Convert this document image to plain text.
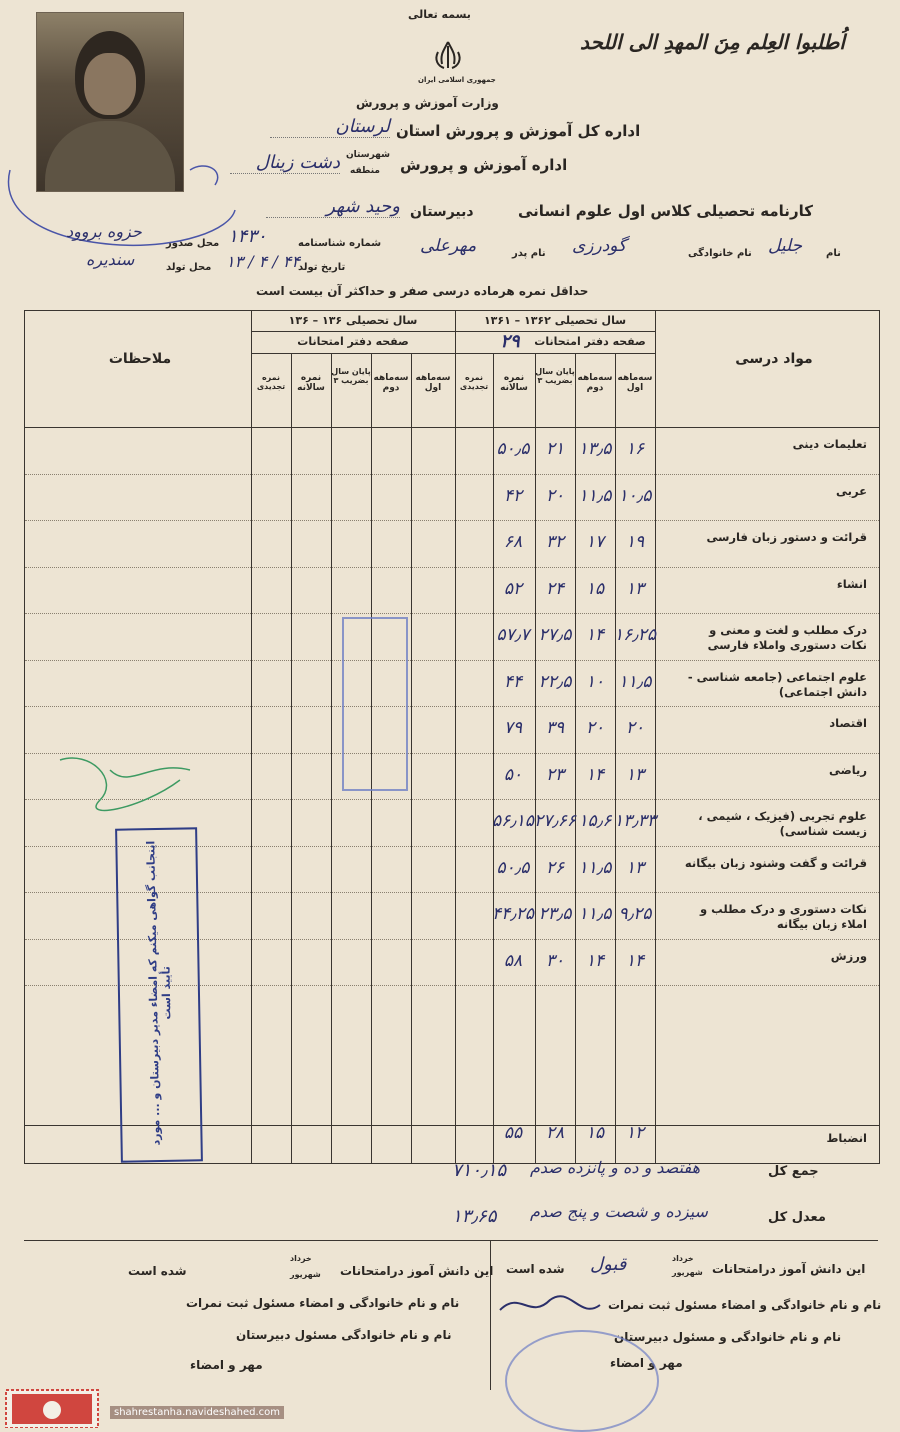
بسمه تعالی
جمهوری اسلامی ایران
اُطلبوا العِلم مِنَ المهدِ الی اللحد
وزارت آموزش و پرورش
اداره کل آموزش و پرورش استان
لرستان
اداره آموزش و پرورش
شهرستان
منطقه
دشت زینال
کارنامه تحصیلی کلاس اول علوم انسانی
دبیرستان
وحید شهر
نام
جلیل
نام خانوادگی
گودرزی
نام پدر
مهرعلی
شماره شناسنامه
۱۴۳۰
محل صدور
حزوه بروود
تاریخ تولد
۴۴ / ۴ / ۱۳
محل تولد
سندیره
حداقل نمره هرماده درسی صفر و حداکثر آن بیست است
مواد درسی
ملاحظات
سال تحصیلی ۱۳۶۲ – ۱۳۶۱
صفحه دفتر امتحانات
۲۹
سال تحصیلی ۱۳۶ – ۱۳۶
صفحه دفتر امتحانات
سه‌ماهه اول
سه‌ماهه دوم
پایان سال بضریب ۳
نمره سالانه
نمره تجدیدی
سه‌ماهه اول
سه‌ماهه دوم
پایان سال بضریب ۳
نمره سالانه
نمره تجدیدی
تعلیمات دینی
۱۶
۱۳٫۵
۲۱
۵۰٫۵
عربی
۱۰٫۵
۱۱٫۵
۲۰
۴۲
قرائت و دستور زبان فارسی
۱۹
۱۷
۳۲
۶۸
انشاء
۱۳
۱۵
۲۴
۵۲
درک مطلب و لغت و معنی و نکات دستوری واملاء فارسی
۱۶٫۲۵
۱۴
۲۷٫۵
۵۷٫۷
علوم اجتماعی (جامعه شناسی - دانش اجتماعی)
۱۱٫۵
۱۰
۲۲٫۵
۴۴
اقتصاد
۲۰
۲۰
۳۹
۷۹
ریاضی
۱۳
۱۴
۲۳
۵۰
علوم تجربی (فیزیک ، شیمی ، زیست شناسی)
۱۳٫۳۳
۱۵٫۶
۲۷٫۶۶
۵۶٫۱۵
قرائت و گفت وشنود زبان بیگانه
۱۳
۱۱٫۵
۲۶
۵۰٫۵
نکات دستوری و درک مطلب و املاء زبان بیگانه
۹٫۲۵
۱۱٫۵
۲۳٫۵
۴۴٫۲۵
ورزش
۱۴
۱۴
۳۰
۵۸
انضباط
۱۲
۱۵
۲۸
۵۵
جمع کل
هفتصد و ده و پانزده صدم
۷۱۰٫۱۵
معدل کل
سیزده و شصت و پنج صدم
۱۳٫۶۵
اینجانب گواهی میکنم که امضاء مدیر دبیرستان و ... مورد تأیید است
این دانش آموز درامتحانات
خرداد
شهریور
قبول
شده است
نام و نام خانوادگی و امضاء مسئول ثبت نمرات
نام و نام خانوادگی و مسئول دبیرستان
مهر و امضاء
این دانش آموز درامتحانات
خرداد
شهریور
شده است
نام و نام خانوادگی و امضاء مسئول ثبت نمرات
نام و نام خانوادگی مسئول دبیرستان
مهر و امضاء
shahrestanha.navideshahed.com
